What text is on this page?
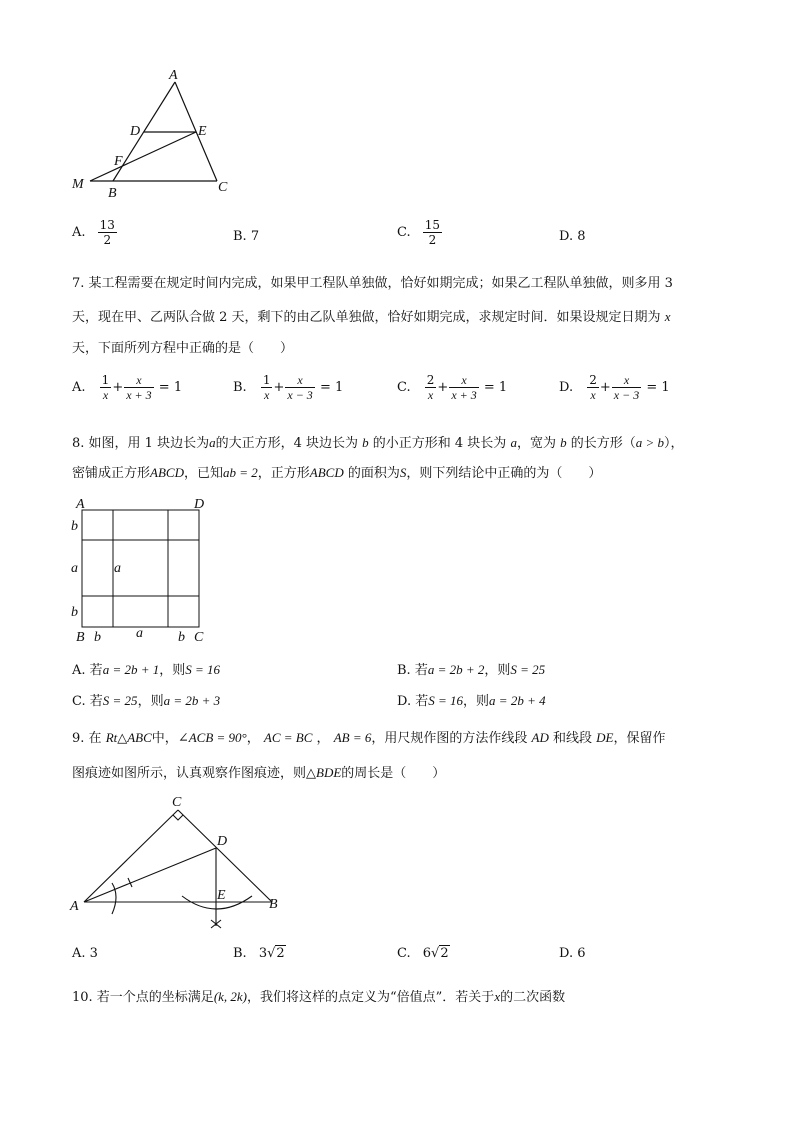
A
D	E
F
M
B	C
A. $\frac{13}{2}$	B. 7	C. $\frac{15}{2}$	D. 8
7. 某工程需要在规定时间内完成，如果甲工程队单独做，恰好如期完成；如果乙工程队单独做，则多用 3
天，现在甲、乙两队合做 2 天，剩下的由乙队单独做，恰好如期完成，求规定时间．如果设规定日期为 x
天，下面所列方程中正确的是（　　）
A. $\frac{1}{x} + \frac{x}{x + 3} = 1$	B. $\frac{1}{x} + \frac{x}{x - 3} = 1$	C. $\frac{2}{x} + \frac{x}{x + 3} = 1$	D. $\frac{2}{x} + \frac{x}{x - 3} = 1$
8. 如图，用 1 块边长为a的大正方形，4 块边长为 b 的小正方形和 4 块长为 a，宽为 b 的长方形（a > b），
密铺成正方形ABCD，已知ab = 2，正方形ABCD 的面积为S，则下列结论中正确的为（　　）
A	D
B	C
b
a
b
a
b	a	b
A. 若a = 2b + 1，则S = 16	B. 若a = 2b + 2，则S = 25
C. 若S = 25，则a = 2b + 3	D. 若S = 16，则a = 2b + 4
9. 在 Rt△ABC中，∠ACB = 90°， AC = BC ， AB = 6，用尺规作图的方法作线段 AD 和线段 DE，保留作
图痕迹如图所示，认真观察作图痕迹，则△BDE的周长是（　　）
C
D
E
A	B
A. 3	B. 3√2	C. 6√2	D. 6
10. 若一个点的坐标满足(k, 2k)，我们将这样的点定义为“倍值点”．若关于x的二次函数
